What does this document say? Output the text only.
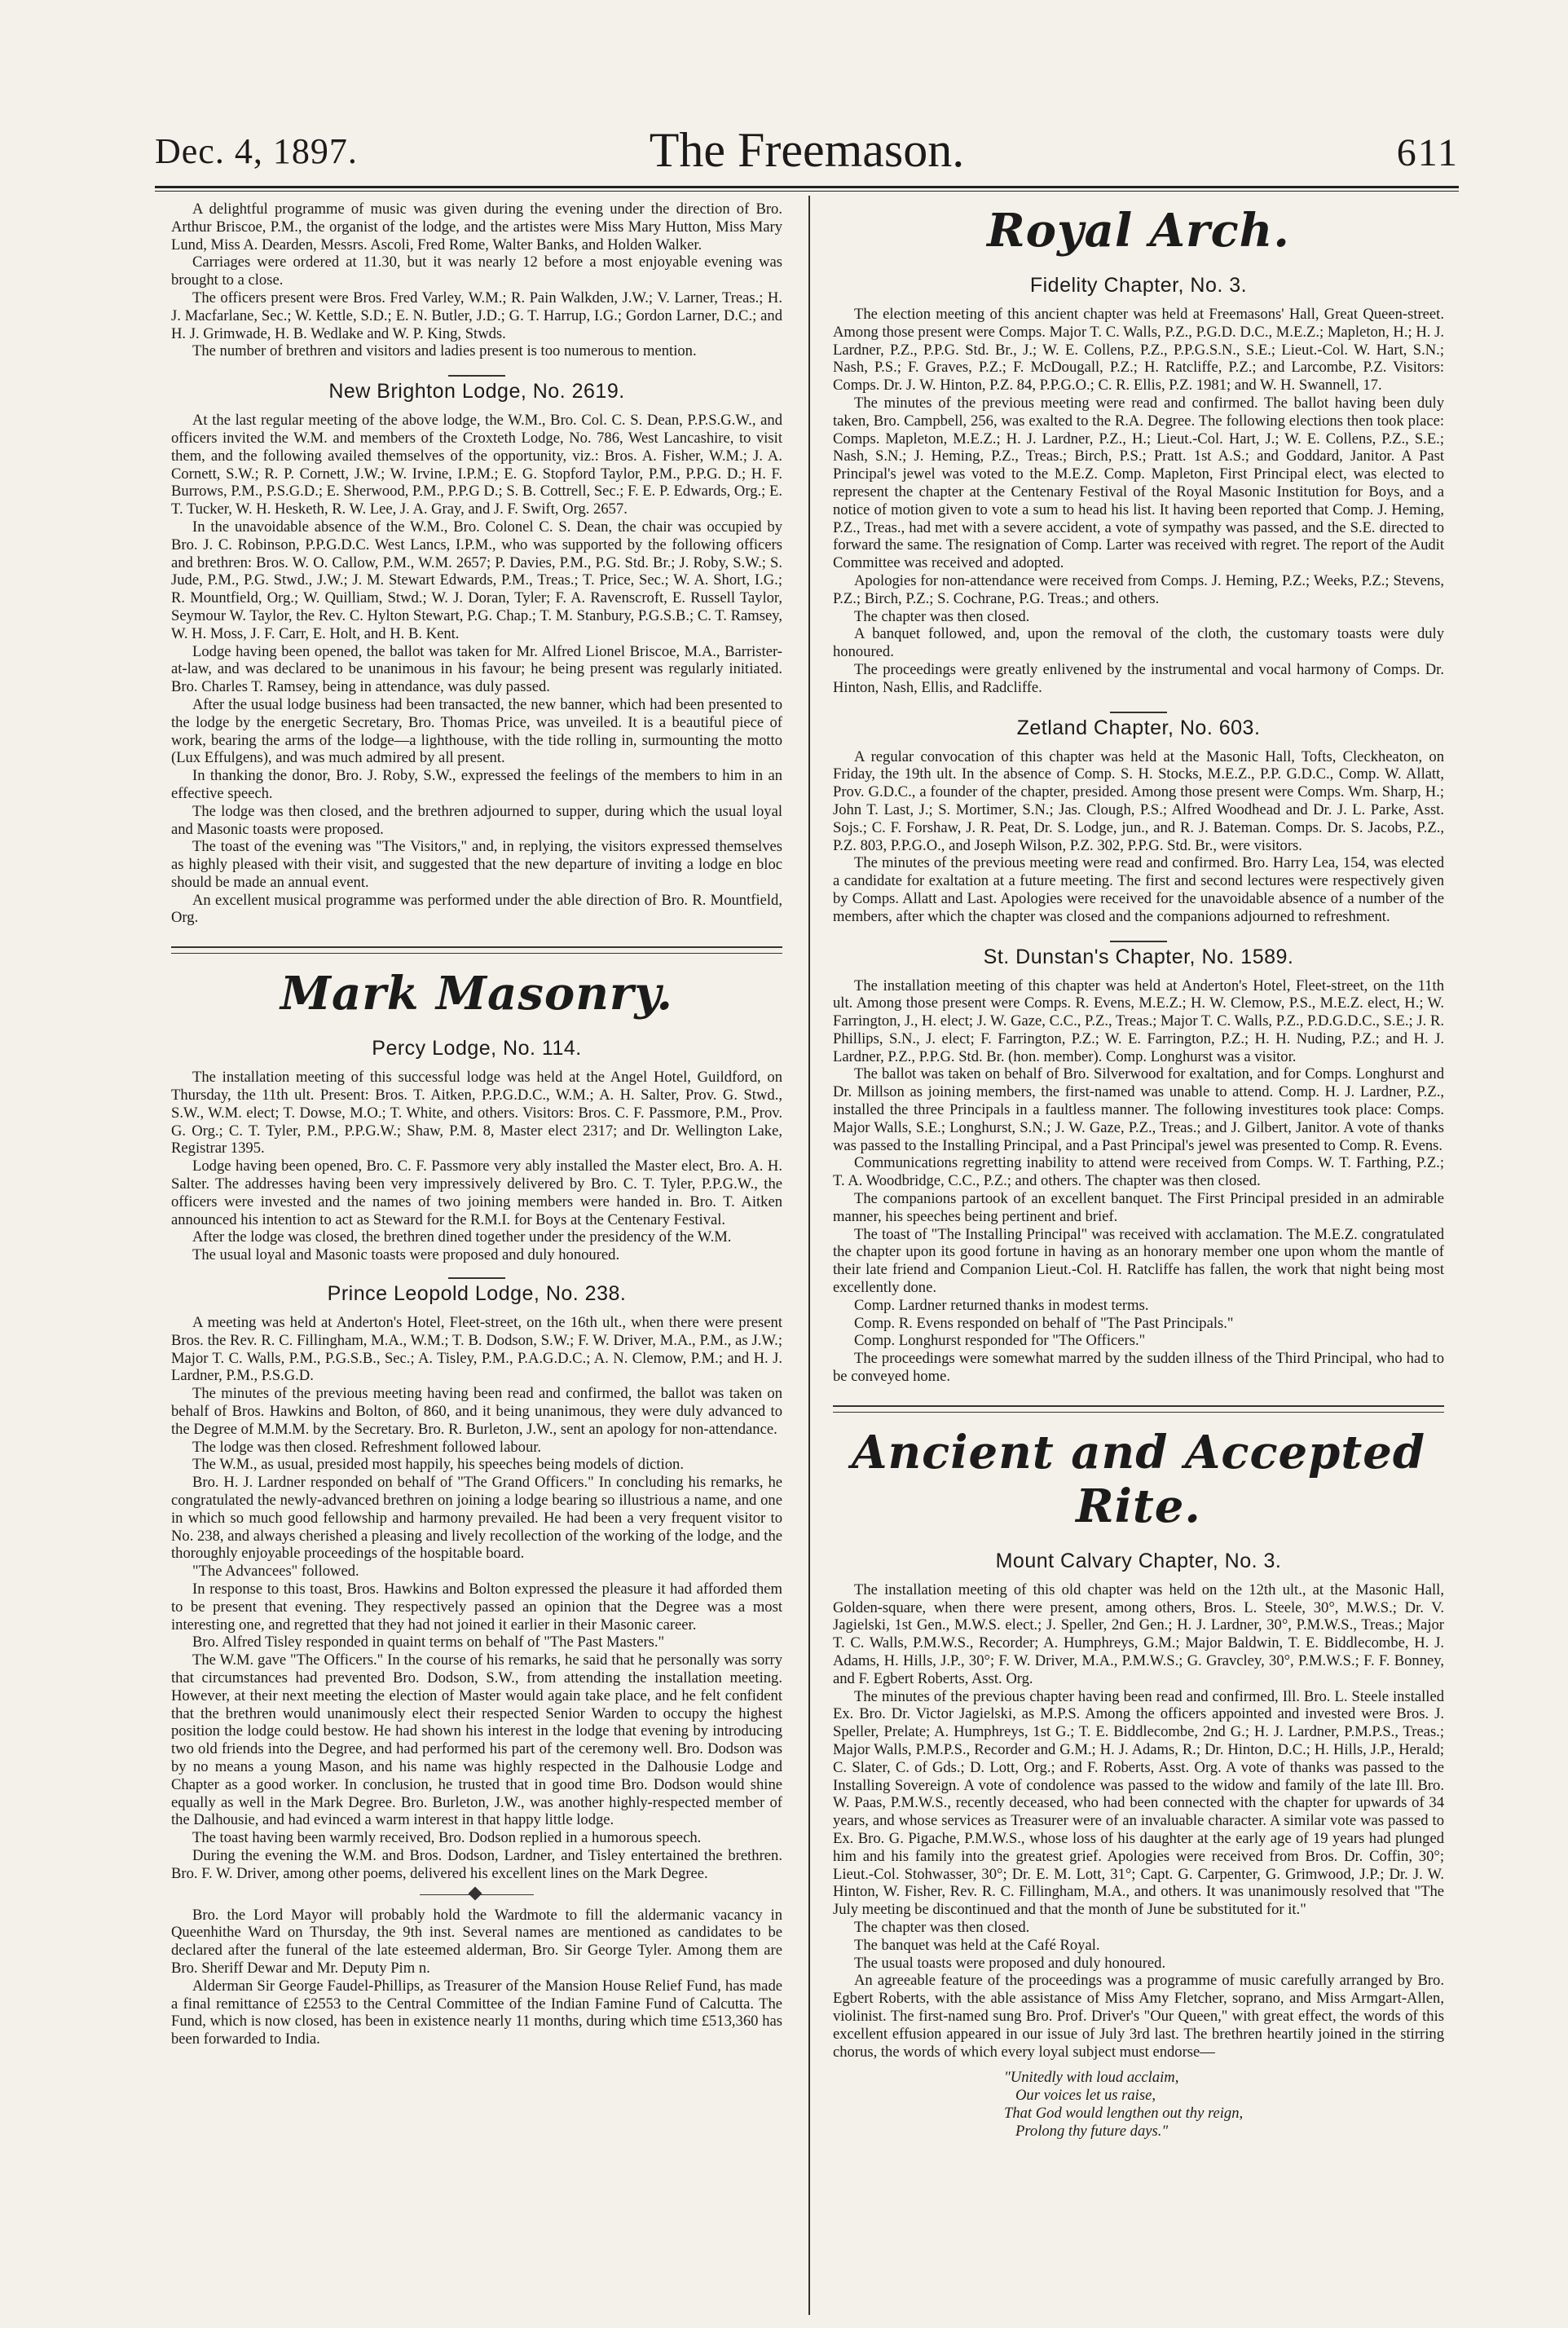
Dec. 4, 1897.	The Freemason.	611

A delightful programme of music was given during the evening under the direction of Bro. Arthur Briscoe, P.M., the organist of the lodge, and the artistes were Miss Mary Hutton, Miss Mary Lund, Miss A. Dearden, Messrs. Ascoli, Fred Rome, Walter Banks, and Holden Walker.

Carriages were ordered at 11.30, but it was nearly 12 before a most enjoyable evening was brought to a close.

The officers present were Bros. Fred Varley, W.M.; R. Pain Walkden, J.W.; V. Larner, Treas.; H. J. Macfarlane, Sec.; W. Kettle, S.D.; E. N. Butler, J.D.; G. T. Harrup, I.G.; Gordon Larner, D.C.; and H. J. Grimwade, H. B. Wedlake and W. P. King, Stwds.

The number of brethren and visitors and ladies present is too numerous to mention.

New Brighton Lodge, No. 2619.

At the last regular meeting of the above lodge, the W.M., Bro. Col. C. S. Dean, P.P.S.G.W., and officers invited the W.M. and members of the Croxteth Lodge, No. 786, West Lancashire, to visit them, and the following availed themselves of the opportunity, viz.: Bros. A. Fisher, W.M.; J. A. Cornett, S.W.; R. P. Cornett, J.W.; W. Irvine, I.P.M.; E. G. Stopford Taylor, P.M., P.P.G. D.; H. F. Burrows, P.M., P.S.G.D.; E. Sherwood, P.M., P.P.G D.; S. B. Cottrell, Sec.; F. E. P. Edwards, Org.; E. T. Tucker, W. H. Hesketh, R. W. Lee, J. A. Gray, and J. F. Swift, Org. 2657.

In the unavoidable absence of the W.M., Bro. Colonel C. S. Dean, the chair was occupied by Bro. J. C. Robinson, P.P.G.D.C. West Lancs, I.P.M., who was supported by the following officers and brethren: Bros. W. O. Callow, P.M., W.M. 2657; P. Davies, P.M., P.G. Std. Br.; J. Roby, S.W.; S. Jude, P.M., P.G. Stwd., J.W.; J. M. Stewart Edwards, P.M., Treas.; T. Price, Sec.; W. A. Short, I.G.; R. Mountfield, Org.; W. Quilliam, Stwd.; W. J. Doran, Tyler; F. A. Ravenscroft, E. Russell Taylor, Seymour W. Taylor, the Rev. C. Hylton Stewart, P.G. Chap.; T. M. Stanbury, P.G.S.B.; C. T. Ramsey, W. H. Moss, J. F. Carr, E. Holt, and H. B. Kent.

Lodge having been opened, the ballot was taken for Mr. Alfred Lionel Briscoe, M.A., Barrister-at-law, and was declared to be unanimous in his favour; he being present was regularly initiated. Bro. Charles T. Ramsey, being in attendance, was duly passed.

After the usual lodge business had been transacted, the new banner, which had been presented to the lodge by the energetic Secretary, Bro. Thomas Price, was unveiled. It is a beautiful piece of work, bearing the arms of the lodge—a lighthouse, with the tide rolling in, surmounting the motto (Lux Effulgens), and was much admired by all present.

In thanking the donor, Bro. J. Roby, S.W., expressed the feelings of the members to him in an effective speech.

The lodge was then closed, and the brethren adjourned to supper, during which the usual loyal and Masonic toasts were proposed.

The toast of the evening was "The Visitors," and, in replying, the visitors expressed themselves as highly pleased with their visit, and suggested that the new departure of inviting a lodge en bloc should be made an annual event.

An excellent musical programme was performed under the able direction of Bro. R. Mountfield, Org.

Mark Masonry.
Percy Lodge, No. 114.

The installation meeting of this successful lodge was held at the Angel Hotel, Guildford, on Thursday, the 11th ult. Present: Bros. T. Aitken, P.P.G.D.C., W.M.; A. H. Salter, Prov. G. Stwd., S.W., W.M. elect; T. Dowse, M.O.; T. White, and others. Visitors: Bros. C. F. Passmore, P.M., Prov. G. Org.; C. T. Tyler, P.M., P.P.G.W.; Shaw, P.M. 8, Master elect 2317; and Dr. Wellington Lake, Registrar 1395.

Lodge having been opened, Bro. C. F. Passmore very ably installed the Master elect, Bro. A. H. Salter. The addresses having been very impressively delivered by Bro. C. T. Tyler, P.P.G.W., the officers were invested and the names of two joining members were handed in. Bro. T. Aitken announced his intention to act as Steward for the R.M.I. for Boys at the Centenary Festival.

After the lodge was closed, the brethren dined together under the presidency of the W.M.

The usual loyal and Masonic toasts were proposed and duly honoured.

Prince Leopold Lodge, No. 238.

A meeting was held at Anderton's Hotel, Fleet-street, on the 16th ult., when there were present Bros. the Rev. R. C. Fillingham, M.A., W.M.; T. B. Dodson, S.W.; F. W. Driver, M.A., P.M., as J.W.; Major T. C. Walls, P.M., P.G.S.B., Sec.; A. Tisley, P.M., P.A.G.D.C.; A. N. Clemow, P.M.; and H. J. Lardner, P.M., P.S.G.D.

The minutes of the previous meeting having been read and confirmed, the ballot was taken on behalf of Bros. Hawkins and Bolton, of 860, and it being unanimous, they were duly advanced to the Degree of M.M.M. by the Secretary. Bro. R. Burleton, J.W., sent an apology for non-attendance.

The lodge was then closed. Refreshment followed labour.

The W.M., as usual, presided most happily, his speeches being models of diction.

Bro. H. J. Lardner responded on behalf of "The Grand Officers." In concluding his remarks, he congratulated the newly-advanced brethren on joining a lodge bearing so illustrious a name, and one in which so much good fellowship and harmony prevailed. He had been a very frequent visitor to No. 238, and always cherished a pleasing and lively recollection of the working of the lodge, and the thoroughly enjoyable proceedings of the hospitable board.

"The Advancees" followed.

In response to this toast, Bros. Hawkins and Bolton expressed the pleasure it had afforded them to be present that evening. They respectively passed an opinion that the Degree was a most interesting one, and regretted that they had not joined it earlier in their Masonic career.

Bro. Alfred Tisley responded in quaint terms on behalf of "The Past Masters."

The W.M. gave "The Officers." In the course of his remarks, he said that he personally was sorry that circumstances had prevented Bro. Dodson, S.W., from attending the installation meeting. However, at their next meeting the election of Master would again take place, and he felt confident that the brethren would unanimously elect their respected Senior Warden to occupy the highest position the lodge could bestow. He had shown his interest in the lodge that evening by introducing two old friends into the Degree, and had performed his part of the ceremony well. Bro. Dodson was by no means a young Mason, and his name was highly respected in the Dalhousie Lodge and Chapter as a good worker. In conclusion, he trusted that in good time Bro. Dodson would shine equally as well in the Mark Degree. Bro. Burleton, J.W., was another highly-respected member of the Dalhousie, and had evinced a warm interest in that happy little lodge.

The toast having been warmly received, Bro. Dodson replied in a humorous speech.

During the evening the W.M. and Bros. Dodson, Lardner, and Tisley entertained the brethren. Bro. F. W. Driver, among other poems, delivered his excellent lines on the Mark Degree.

Bro. the Lord Mayor will probably hold the Wardmote to fill the aldermanic vacancy in Queenhithe Ward on Thursday, the 9th inst. Several names are mentioned as candidates to be declared after the funeral of the late esteemed alderman, Bro. Sir George Tyler. Among them are Bro. Sheriff Dewar and Mr. Deputy Pim n.

Alderman Sir George Faudel-Phillips, as Treasurer of the Mansion House Relief Fund, has made a final remittance of £2553 to the Central Committee of the Indian Famine Fund of Calcutta. The Fund, which is now closed, has been in existence nearly 11 months, during which time £513,360 has been forwarded to India.

Royal Arch.
Fidelity Chapter, No. 3.

The election meeting of this ancient chapter was held at Freemasons' Hall, Great Queen-street. Among those present were Comps. Major T. C. Walls, P.Z., P.G.D. D.C., M.E.Z.; Mapleton, H.; H. J. Lardner, P.Z., P.P.G. Std. Br., J.; W. E. Collens, P.Z., P.P.G.S.N., S.E.; Lieut.-Col. W. Hart, S.N.; Nash, P.S.; F. Graves, P.Z.; F. McDougall, P.Z.; H. Ratcliffe, P.Z.; and Larcombe, P.Z. Visitors: Comps. Dr. J. W. Hinton, P.Z. 84, P.P.G.O.; C. R. Ellis, P.Z. 1981; and W. H. Swannell, 17.

The minutes of the previous meeting were read and confirmed. The ballot having been duly taken, Bro. Campbell, 256, was exalted to the R.A. Degree. The following elections then took place: Comps. Mapleton, M.E.Z.; H. J. Lardner, P.Z., H.; Lieut.-Col. Hart, J.; W. E. Collens, P.Z., S.E.; Nash, S.N.; J. Heming, P.Z., Treas.; Birch, P.S.; Pratt. 1st A.S.; and Goddard, Janitor. A Past Principal's jewel was voted to the M.E.Z. Comp. Mapleton, First Principal elect, was elected to represent the chapter at the Centenary Festival of the Royal Masonic Institution for Boys, and a notice of motion given to vote a sum to head his list. It having been reported that Comp. J. Heming, P.Z., Treas., had met with a severe accident, a vote of sympathy was passed, and the S.E. directed to forward the same. The resignation of Comp. Larter was received with regret. The report of the Audit Committee was received and adopted.

Apologies for non-attendance were received from Comps. J. Heming, P.Z.; Weeks, P.Z.; Stevens, P.Z.; Birch, P.Z.; S. Cochrane, P.G. Treas.; and others.

The chapter was then closed.

A banquet followed, and, upon the removal of the cloth, the customary toasts were duly honoured.

The proceedings were greatly enlivened by the instrumental and vocal harmony of Comps. Dr. Hinton, Nash, Ellis, and Radcliffe.

Zetland Chapter, No. 603.

A regular convocation of this chapter was held at the Masonic Hall, Tofts, Cleckheaton, on Friday, the 19th ult. In the absence of Comp. S. H. Stocks, M.E.Z., P.P. G.D.C., Comp. W. Allatt, Prov. G.D.C., a founder of the chapter, presided. Among those present were Comps. Wm. Sharp, H.; John T. Last, J.; S. Mortimer, S.N.; Jas. Clough, P.S.; Alfred Woodhead and Dr. J. L. Parke, Asst. Sojs.; C. F. Forshaw, J. R. Peat, Dr. S. Lodge, jun., and R. J. Bateman. Comps. Dr. S. Jacobs, P.Z., P.Z. 803, P.P.G.O., and Joseph Wilson, P.Z. 302, P.P.G. Std. Br., were visitors.

The minutes of the previous meeting were read and confirmed. Bro. Harry Lea, 154, was elected a candidate for exaltation at a future meeting. The first and second lectures were respectively given by Comps. Allatt and Last. Apologies were received for the unavoidable absence of a number of the members, after which the chapter was closed and the companions adjourned to refreshment.

St. Dunstan's Chapter, No. 1589.

The installation meeting of this chapter was held at Anderton's Hotel, Fleet-street, on the 11th ult. Among those present were Comps. R. Evens, M.E.Z.; H. W. Clemow, P.S., M.E.Z. elect, H.; W. Farrington, J., H. elect; J. W. Gaze, C.C., P.Z., Treas.; Major T. C. Walls, P.Z., P.D.G.D.C., S.E.; J. R. Phillips, S.N., J. elect; F. Farrington, P.Z.; W. E. Farrington, P.Z.; H. H. Nuding, P.Z.; and H. J. Lardner, P.Z., P.P.G. Std. Br. (hon. member). Comp. Longhurst was a visitor.

The ballot was taken on behalf of Bro. Silverwood for exaltation, and for Comps. Longhurst and Dr. Millson as joining members, the first-named was unable to attend. Comp. H. J. Lardner, P.Z., installed the three Principals in a faultless manner. The following investitures took place: Comps. Major Walls, S.E.; Longhurst, S.N.; J. W. Gaze, P.Z., Treas.; and J. Gilbert, Janitor. A vote of thanks was passed to the Installing Principal, and a Past Principal's jewel was presented to Comp. R. Evens.

Communications regretting inability to attend were received from Comps. W. T. Farthing, P.Z.; T. A. Woodbridge, C.C., P.Z.; and others. The chapter was then closed.

The companions partook of an excellent banquet. The First Principal presided in an admirable manner, his speeches being pertinent and brief.

The toast of "The Installing Principal" was received with acclamation. The M.E.Z. congratulated the chapter upon its good fortune in having as an honorary member one upon whom the mantle of their late friend and Companion Lieut.-Col. H. Ratcliffe has fallen, the work that night being most excellently done.

Comp. Lardner returned thanks in modest terms.

Comp. R. Evens responded on behalf of "The Past Principals."

Comp. Longhurst responded for "The Officers."

The proceedings were somewhat marred by the sudden illness of the Third Principal, who had to be conveyed home.

Ancient and Accepted Rite.
Mount Calvary Chapter, No. 3.

The installation meeting of this old chapter was held on the 12th ult., at the Masonic Hall, Golden-square, when there were present, among others, Bros. L. Steele, 30°, M.W.S.; Dr. V. Jagielski, 1st Gen., M.W.S. elect.; J. Speller, 2nd Gen.; H. J. Lardner, 30°, P.M.W.S., Treas.; Major T. C. Walls, P.M.W.S., Recorder; A. Humphreys, G.M.; Major Baldwin, T. E. Biddlecombe, H. J. Adams, H. Hills, J.P., 30°; F. W. Driver, M.A., P.M.W.S.; G. Gravcley, 30°, P.M.W.S.; F. F. Bonney, and F. Egbert Roberts, Asst. Org.

The minutes of the previous chapter having been read and confirmed, Ill. Bro. L. Steele installed Ex. Bro. Dr. Victor Jagielski, as M.P.S. Among the officers appointed and invested were Bros. J. Speller, Prelate; A. Humphreys, 1st G.; T. E. Biddlecombe, 2nd G.; H. J. Lardner, P.M.P.S., Treas.; Major Walls, P.M.P.S., Recorder and G.M.; H. J. Adams, R.; Dr. Hinton, D.C.; H. Hills, J.P., Herald; C. Slater, C. of Gds.; D. Lott, Org.; and F. Roberts, Asst. Org. A vote of thanks was passed to the Installing Sovereign. A vote of condolence was passed to the widow and family of the late Ill. Bro. W. Paas, P.M.W.S., recently deceased, who had been connected with the chapter for upwards of 34 years, and whose services as Treasurer were of an invaluable character. A similar vote was passed to Ex. Bro. G. Pigache, P.M.W.S., whose loss of his daughter at the early age of 19 years had plunged him and his family into the greatest grief. Apologies were received from Bros. Dr. Coffin, 30°; Lieut.-Col. Stohwasser, 30°; Dr. E. M. Lott, 31°; Capt. G. Carpenter, G. Grimwood, J.P.; Dr. J. W. Hinton, W. Fisher, Rev. R. C. Fillingham, M.A., and others. It was unanimously resolved that "The July meeting be discontinued and that the month of June be substituted for it."

The chapter was then closed.

The banquet was held at the Café Royal.

The usual toasts were proposed and duly honoured.

An agreeable feature of the proceedings was a programme of music carefully arranged by Bro. Egbert Roberts, with the able assistance of Miss Amy Fletcher, soprano, and Miss Armgart-Allen, violinist. The first-named sung Bro. Prof. Driver's "Our Queen," with great effect, the words of this excellent effusion appeared in our issue of July 3rd last. The brethren heartily joined in the stirring chorus, the words of which every loyal subject must endorse—

"Unitedly with loud acclaim,
Our voices let us raise,
That God would lengthen out thy reign,
Prolong thy future days."
